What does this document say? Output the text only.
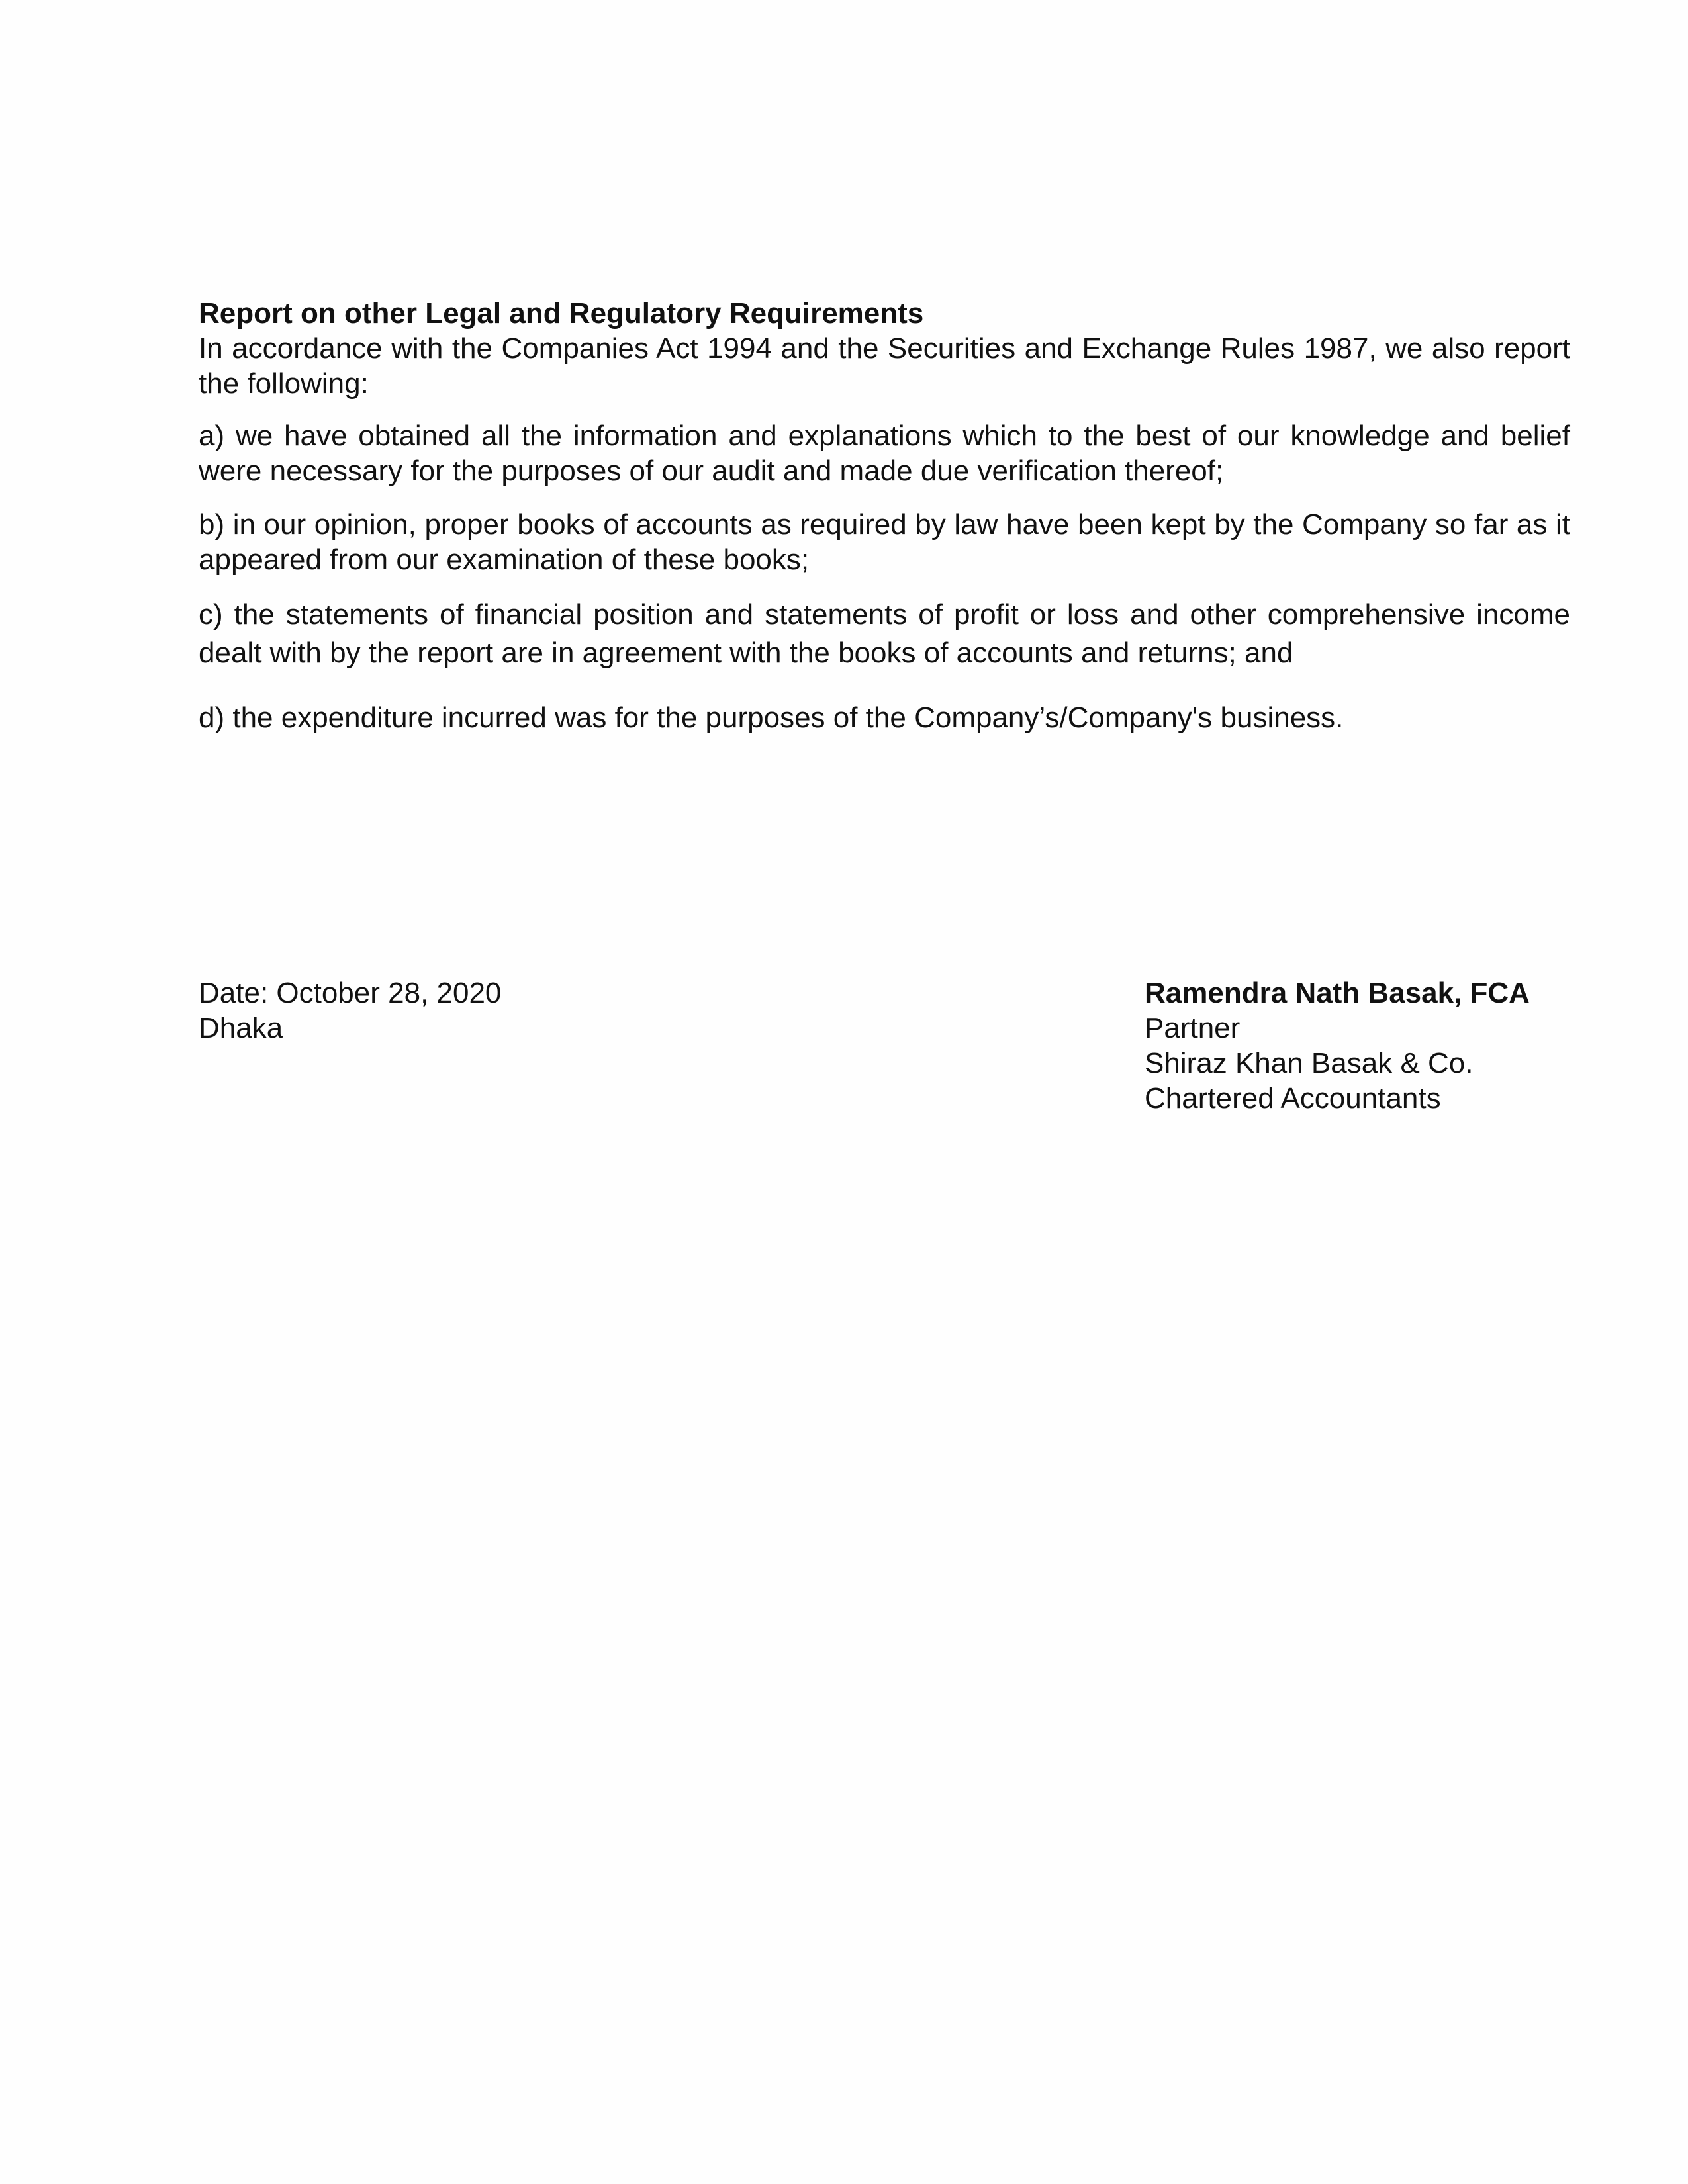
Report on other Legal and Regulatory Requirements

In accordance with the Companies Act 1994 and the Securities and Exchange Rules 1987, we also report the following:

a) we have obtained all the information and explanations which to the best of our knowledge and belief were necessary for the purposes of our audit and made due verification thereof;

b) in our opinion, proper books of accounts as required by law have been kept by the Company so far as it appeared from our examination of these books;

c) the statements of financial position and statements of profit or loss and other comprehensive income dealt with by the report are in agreement with the books of accounts and returns; and

d) the expenditure incurred was for the purposes of the Company’s/Company's business.

Date: October 28, 2020
Dhaka
Ramendra Nath Basak, FCA
Partner
Shiraz Khan Basak & Co.
Chartered Accountants
